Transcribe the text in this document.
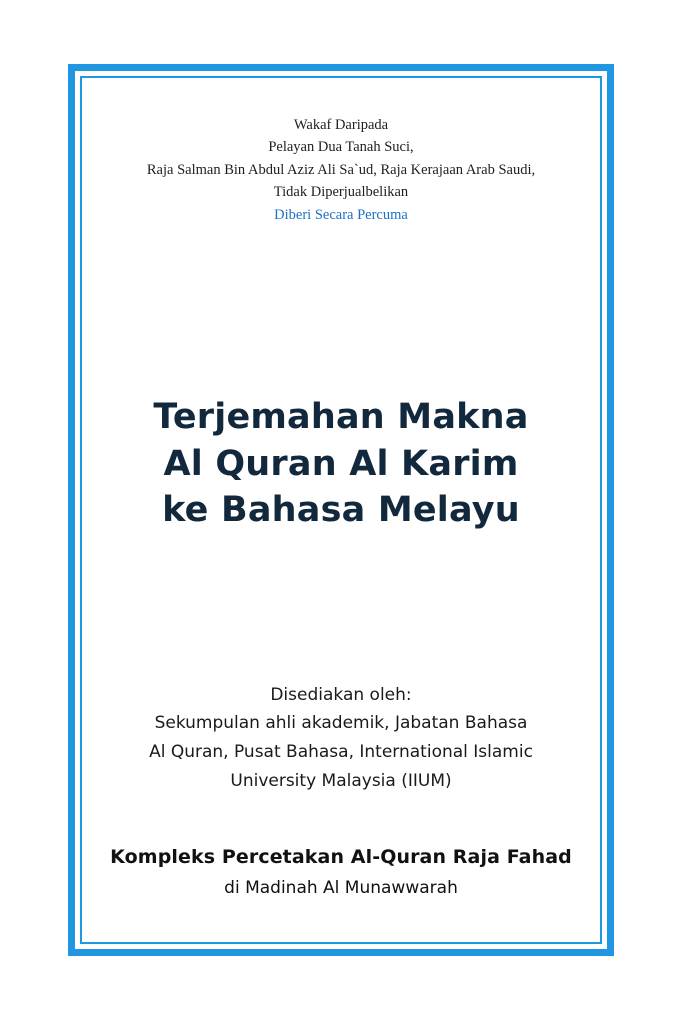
Wakaf Daripada
Pelayan Dua Tanah Suci,
Raja Salman Bin Abdul Aziz Ali Sa`ud, Raja Kerajaan Arab Saudi,
Tidak Diperjualbelikan
Diberi Secara Percuma
Terjemahan Makna
Al Quran Al Karim
ke Bahasa Melayu
Disediakan oleh:
Sekumpulan ahli akademik, Jabatan Bahasa
Al Quran, Pusat Bahasa, International Islamic
University Malaysia (IIUM)
Kompleks Percetakan Al-Quran Raja Fahad
di Madinah Al Munawwarah
